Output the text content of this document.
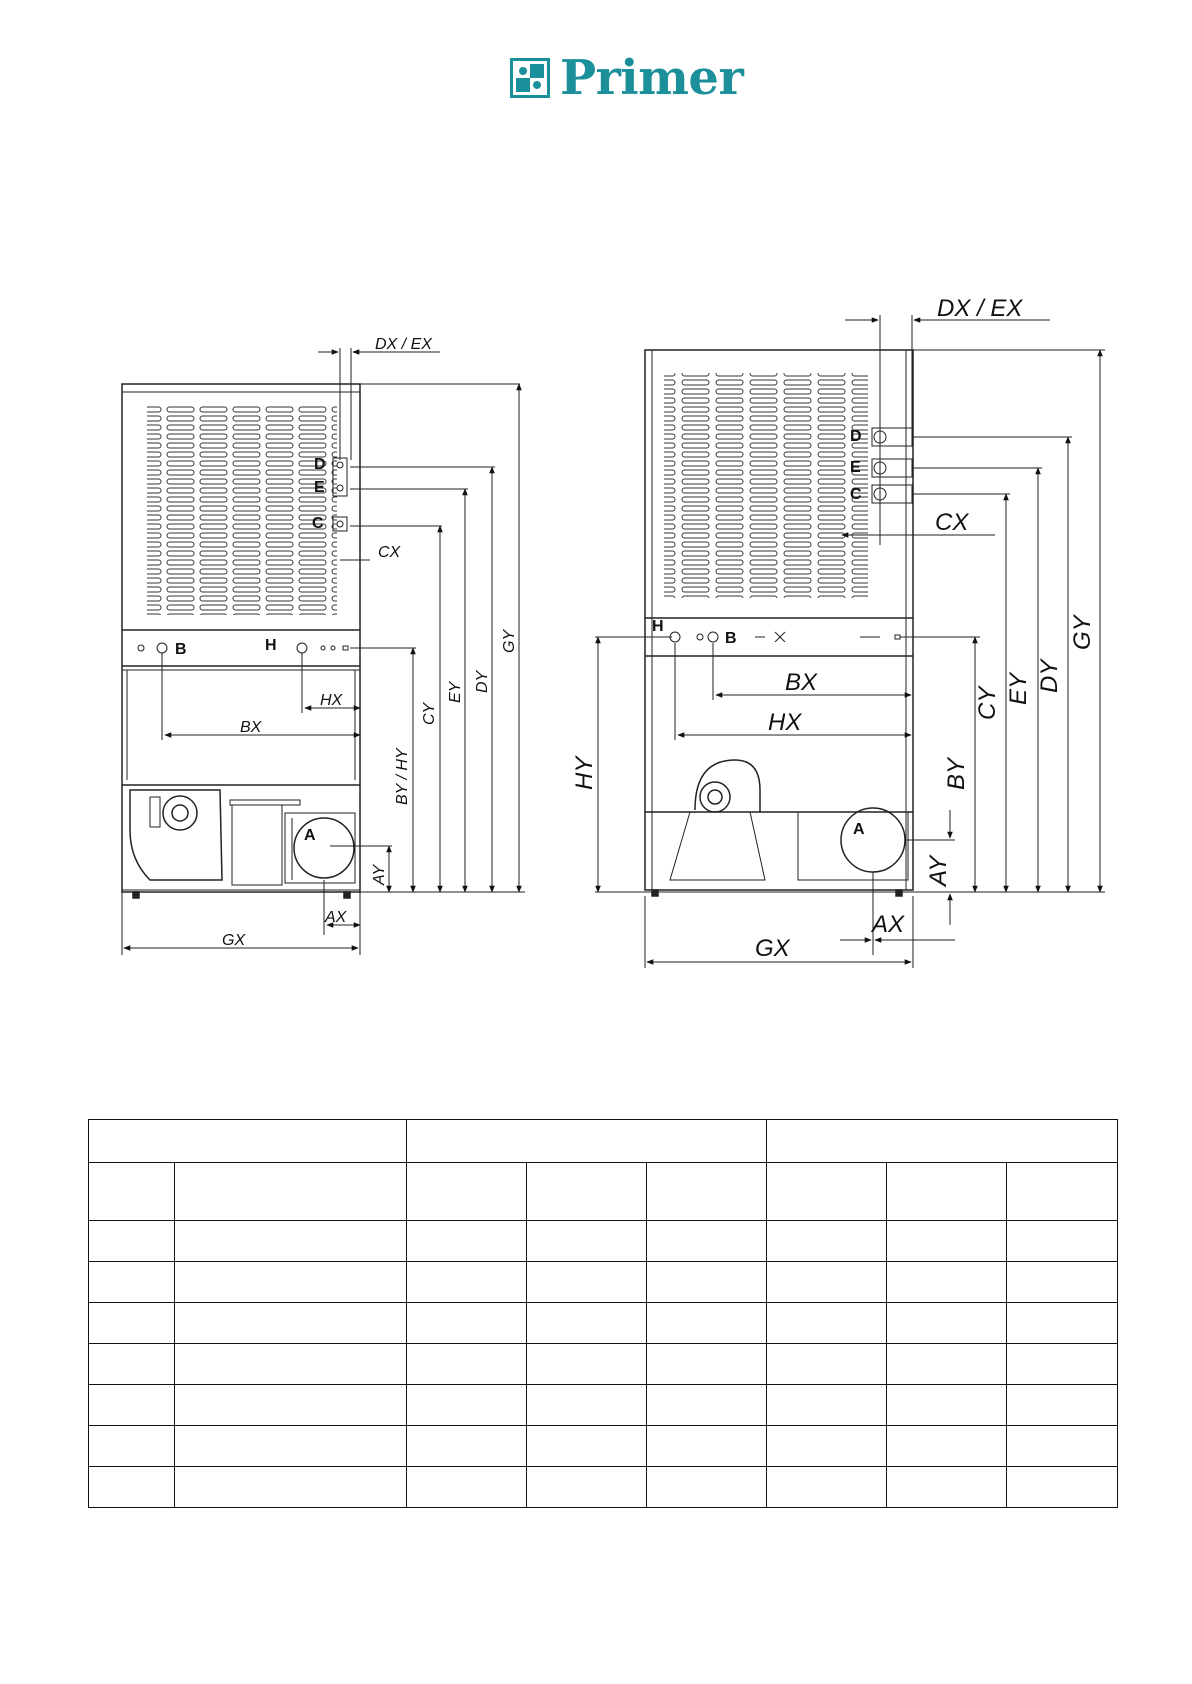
Primer
D
E
C
B	H
A
DX / EX
CX
HX
BX
GX
AX
AY
BY / HY
CY
EY DY
GY
D
E
C
H
B
A
DX / EX
CX
BX
HX
GX
AX
AY
HY	BY
CY EY DY
GY
